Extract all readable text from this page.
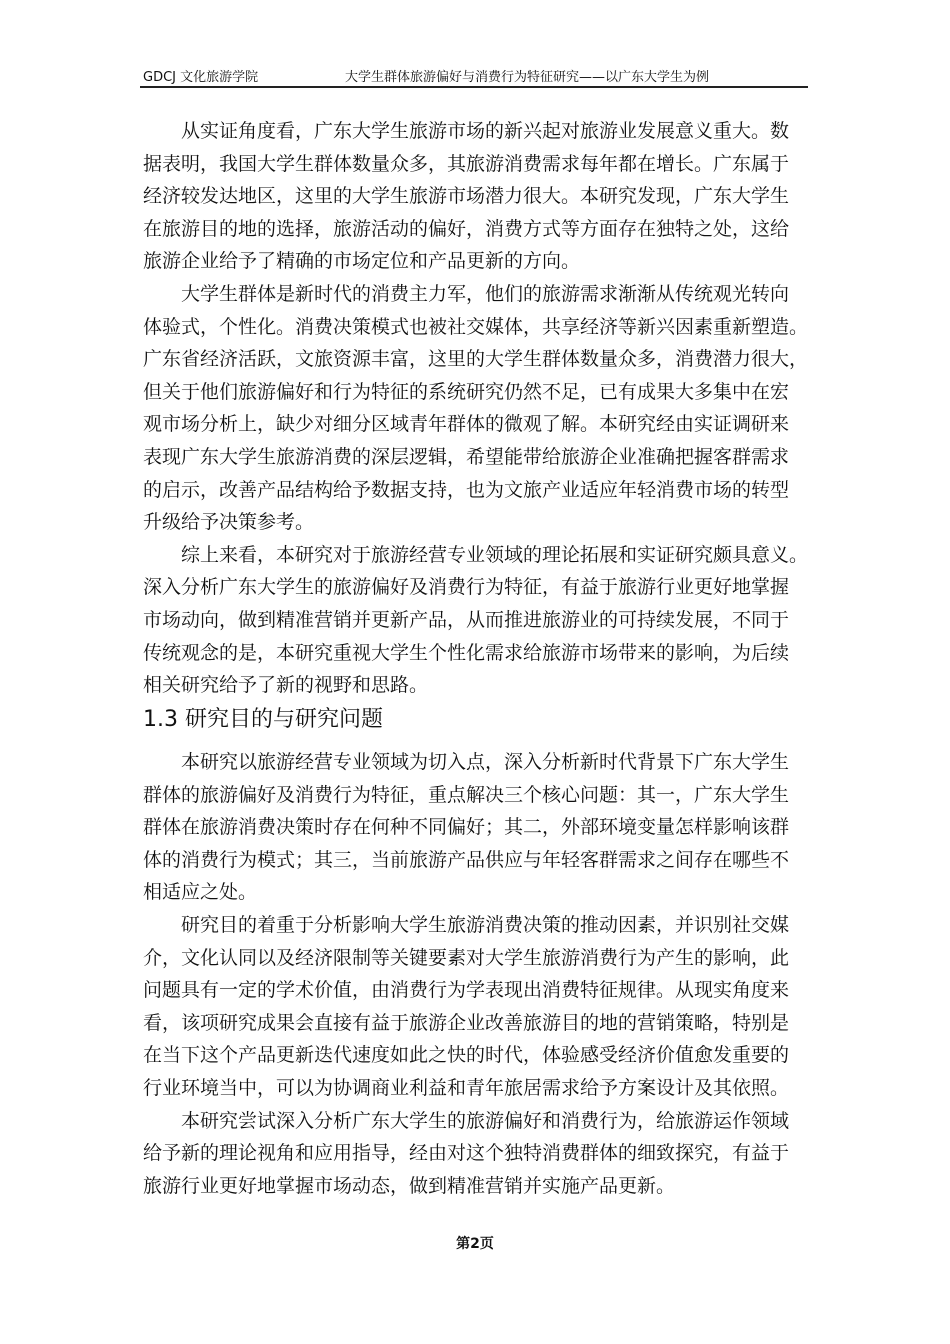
GDCJ 文化旅游学院	大学生群体旅游偏好与消费行为特征研究——以广东大学生为例
从实证角度看，广东大学生旅游市场的新兴起对旅游业发展意义重大。数
据表明，我国大学生群体数量众多，其旅游消费需求每年都在增长。广东属于
经济较发达地区，这里的大学生旅游市场潜力很大。本研究发现，广东大学生
在旅游目的地的选择，旅游活动的偏好，消费方式等方面存在独特之处，这给
旅游企业给予了精确的市场定位和产品更新的方向。
大学生群体是新时代的消费主力军，他们的旅游需求渐渐从传统观光转向
体验式，个性化。消费决策模式也被社交媒体，共享经济等新兴因素重新塑造。
广东省经济活跃，文旅资源丰富，这里的大学生群体数量众多，消费潜力很大，
但关于他们旅游偏好和行为特征的系统研究仍然不足，已有成果大多集中在宏
观市场分析上，缺少对细分区域青年群体的微观了解。本研究经由实证调研来
表现广东大学生旅游消费的深层逻辑，希望能带给旅游企业准确把握客群需求
的启示，改善产品结构给予数据支持，也为文旅产业适应年轻消费市场的转型
升级给予决策参考。
综上来看，本研究对于旅游经营专业领域的理论拓展和实证研究颇具意义。
深入分析广东大学生的旅游偏好及消费行为特征，有益于旅游行业更好地掌握
市场动向，做到精准营销并更新产品，从而推进旅游业的可持续发展，不同于
传统观念的是，本研究重视大学生个性化需求给旅游市场带来的影响，为后续
相关研究给予了新的视野和思路。
1.3 研究目的与研究问题
本研究以旅游经营专业领域为切入点，深入分析新时代背景下广东大学生
群体的旅游偏好及消费行为特征，重点解决三个核心问题：其一，广东大学生
群体在旅游消费决策时存在何种不同偏好；其二，外部环境变量怎样影响该群
体的消费行为模式；其三，当前旅游产品供应与年轻客群需求之间存在哪些不
相适应之处。
研究目的着重于分析影响大学生旅游消费决策的推动因素，并识别社交媒
介，文化认同以及经济限制等关键要素对大学生旅游消费行为产生的影响，此
问题具有一定的学术价值，由消费行为学表现出消费特征规律。从现实角度来
看，该项研究成果会直接有益于旅游企业改善旅游目的地的营销策略，特别是
在当下这个产品更新迭代速度如此之快的时代，体验感受经济价值愈发重要的
行业环境当中，可以为协调商业利益和青年旅居需求给予方案设计及其依照。
本研究尝试深入分析广东大学生的旅游偏好和消费行为，给旅游运作领域
给予新的理论视角和应用指导，经由对这个独特消费群体的细致探究，有益于
旅游行业更好地掌握市场动态，做到精准营销并实施产品更新。
第2页
